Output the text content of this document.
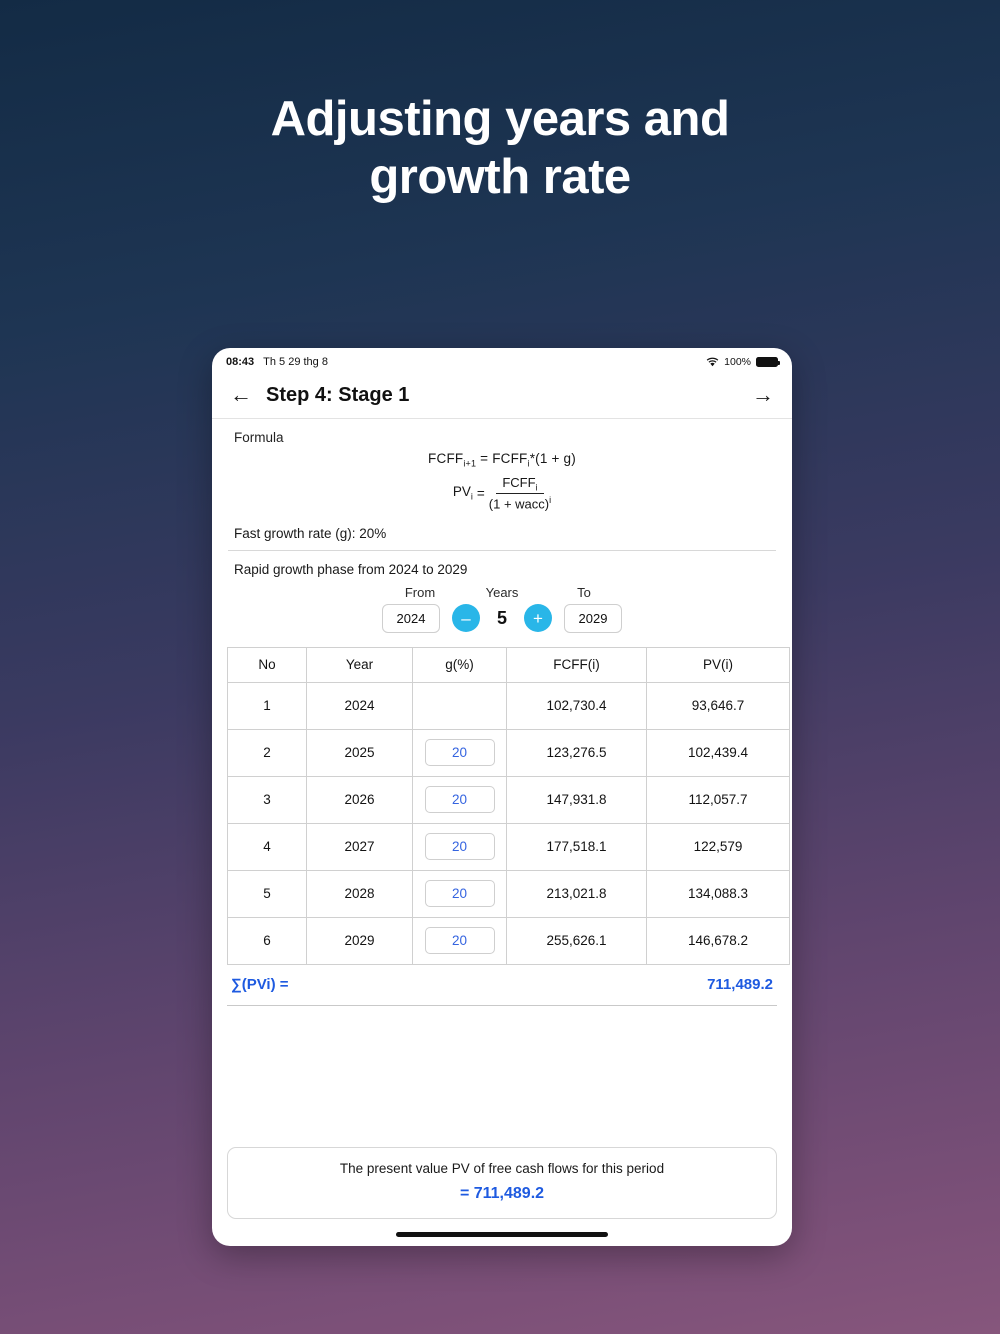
Adjusting years and
growth rate
08:43 Th 5 29 thg 8	100%
← Step 4: Stage 1	→
Formula
$FCFF_{i+1}$ = $FCFF_i*(1 + g)$
$PV_i = \frac{FCFF_i}{(1 + wacc)^i}$
Fast growth rate (g): 20%
Rapid growth phase from 2024 to 2029
From	Years	To
2024	–	5	+	2029
No	Year	g(%)	FCFF(i)	PV(i)
1	2024		102,730.4	93,646.7
2	2025	20	123,276.5	102,439.4
3	2026	20	147,931.8	112,057.7
4	2027	20	177,518.1	122,579
5	2028	20	213,021.8	134,088.3
6	2029	20	255,626.1	146,678.2
∑(PVi) =	711,489.2
The present value PV of free cash flows for this period
= 711,489.2
